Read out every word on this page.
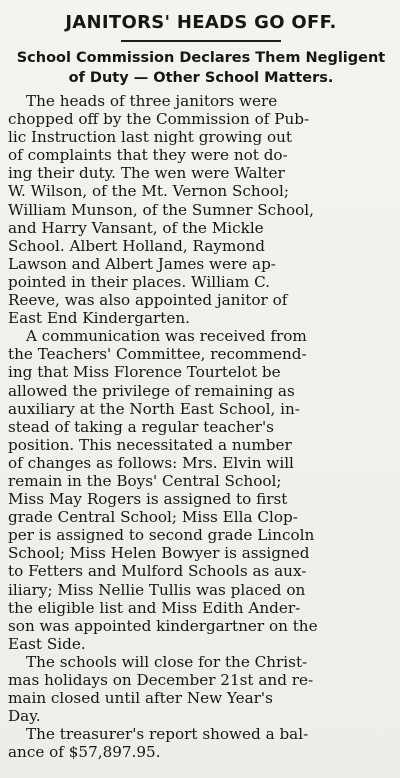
JANITORS' HEADS GO OFF.
School Commission Declares Them Negligent
of Duty — Other School Matters.
The heads of three janitors were
chopped off by the Commission of Pub-
lic Instruction last night growing out
of complaints that they were not do-
ing their duty. The wen were Walter
W. Wilson, of the Mt. Vernon School;
William Munson, of the Sumner School,
and Harry Vansant, of the Mickle
School. Albert Holland, Raymond
Lawson and Albert James were ap-
pointed in their places. William C.
Reeve, was also appointed janitor of
East End Kindergarten.
A communication was received from
the Teachers' Committee, recommend-
ing that Miss Florence Tourtelot be
allowed the privilege of remaining as
auxiliary at the North East School, in-
stead of taking a regular teacher's
position. This necessitated a number
of changes as follows: Mrs. Elvin will
remain in the Boys' Central School;
Miss May Rogers is assigned to first
grade Central School; Miss Ella Clop-
per is assigned to second grade Lincoln
School; Miss Helen Bowyer is assigned
to Fetters and Mulford Schools as aux-
iliary; Miss Nellie Tullis was placed on
the eligible list and Miss Edith Ander-
son was appointed kindergartner on the
East Side.
The schools will close for the Christ-
mas holidays on December 21st and re-
main closed until after New Year's
Day.
The treasurer's report showed a bal-
ance of $57,897.95.
